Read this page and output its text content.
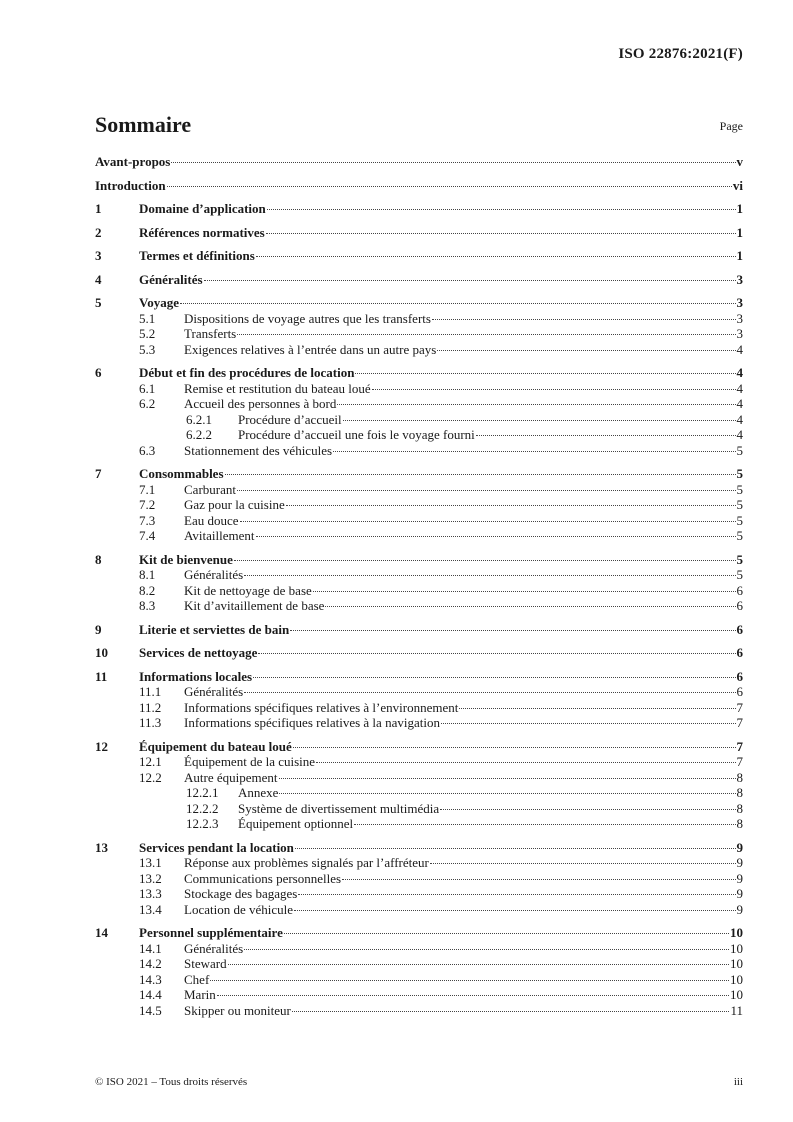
ISO 22876:2021(F)
Sommaire	Page
Avant-propos	v
Introduction	vi
1	Domaine d’application	1
2	Références normatives	1
3	Termes et définitions	1
4	Généralités	3
5	Voyage	3
5.1	Dispositions de voyage autres que les transferts	3
5.2	Transferts	3
5.3	Exigences relatives à l’entrée dans un autre pays	4
6	Début et fin des procédures de location	4
6.1	Remise et restitution du bateau loué	4
6.2	Accueil des personnes à bord	4
6.2.1	Procédure d’accueil	4
6.2.2	Procédure d’accueil une fois le voyage fourni	4
6.3	Stationnement des véhicules	5
7	Consommables	5
7.1	Carburant	5
7.2	Gaz pour la cuisine	5
7.3	Eau douce	5
7.4	Avitaillement	5
8	Kit de bienvenue	5
8.1	Généralités	5
8.2	Kit de nettoyage de base	6
8.3	Kit d’avitaillement de base	6
9	Literie et serviettes de bain	6
10	Services de nettoyage	6
11	Informations locales	6
11.1	Généralités	6
11.2	Informations spécifiques relatives à l’environnement	7
11.3	Informations spécifiques relatives à la navigation	7
12	Équipement du bateau loué	7
12.1	Équipement de la cuisine	7
12.2	Autre équipement	8
12.2.1	Annexe	8
12.2.2	Système de divertissement multimédia	8
12.2.3	Équipement optionnel	8
13	Services pendant la location	9
13.1	Réponse aux problèmes signalés par l’affréteur	9
13.2	Communications personnelles	9
13.3	Stockage des bagages	9
13.4	Location de véhicule	9
14	Personnel supplémentaire	10
14.1	Généralités	10
14.2	Steward	10
14.3	Chef	10
14.4	Marin	10
14.5	Skipper ou moniteur	11
© ISO 2021 – Tous droits réservés	iii
